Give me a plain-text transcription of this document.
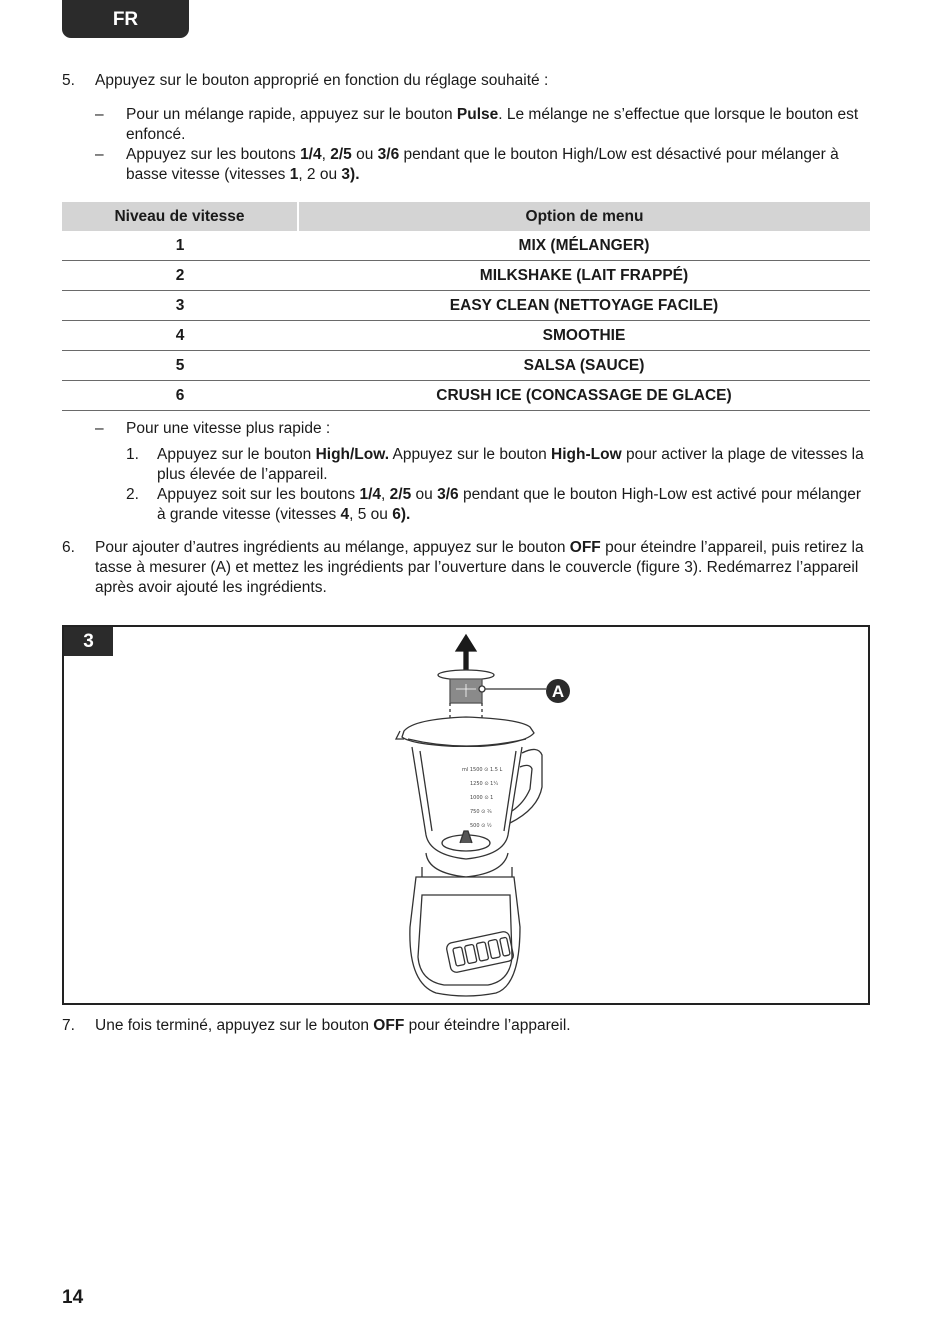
FR
5. Appuyez sur le bouton approprié en fonction du réglage souhaité :
– Pour un mélange rapide, appuyez sur le bouton Pulse. Le mélange ne s’effectue que lorsque le bouton est enfoncé.
– Appuyez sur les boutons 1/4, 2/5 ou 3/6 pendant que le bouton High/Low est désactivé pour mélanger à basse vitesse (vitesses 1, 2 ou 3).
Niveau de vitesse	Option de menu
1	MIX (MÉLANGER)
2	MILKSHAKE (LAIT FRAPPÉ)
3	EASY CLEAN (NETTOYAGE FACILE)
4	SMOOTHIE
5	SALSA (SAUCE)
6	CRUSH ICE (CONCASSAGE DE GLACE)
– Pour une vitesse plus rapide :
1. Appuyez sur le bouton High/Low. Appuyez sur le bouton High-Low pour activer la plage de vitesses la plus élevée de l’appareil.
2. Appuyez soit sur les boutons 1/4, 2/5 ou 3/6 pendant que le bouton High-Low est activé pour mélanger à grande vitesse (vitesses 4, 5 ou 6).
6. Pour ajouter d’autres ingrédients au mélange, appuyez sur le bouton OFF pour éteindre l’appareil, puis retirez la tasse à mesurer (A) et mettez les ingrédients par l’ouverture dans le couvercle (figure 3). Redémarrez l’appareil après avoir ajouté les ingrédients.
3
ml 1500 ⊙ 1.5 L
1250 ⊙ 1¼
1000 ⊙ 1
750 ⊙ ¾
500 ⊙ ½
A
7. Une fois terminé, appuyez sur le bouton OFF pour éteindre l’appareil.
14
